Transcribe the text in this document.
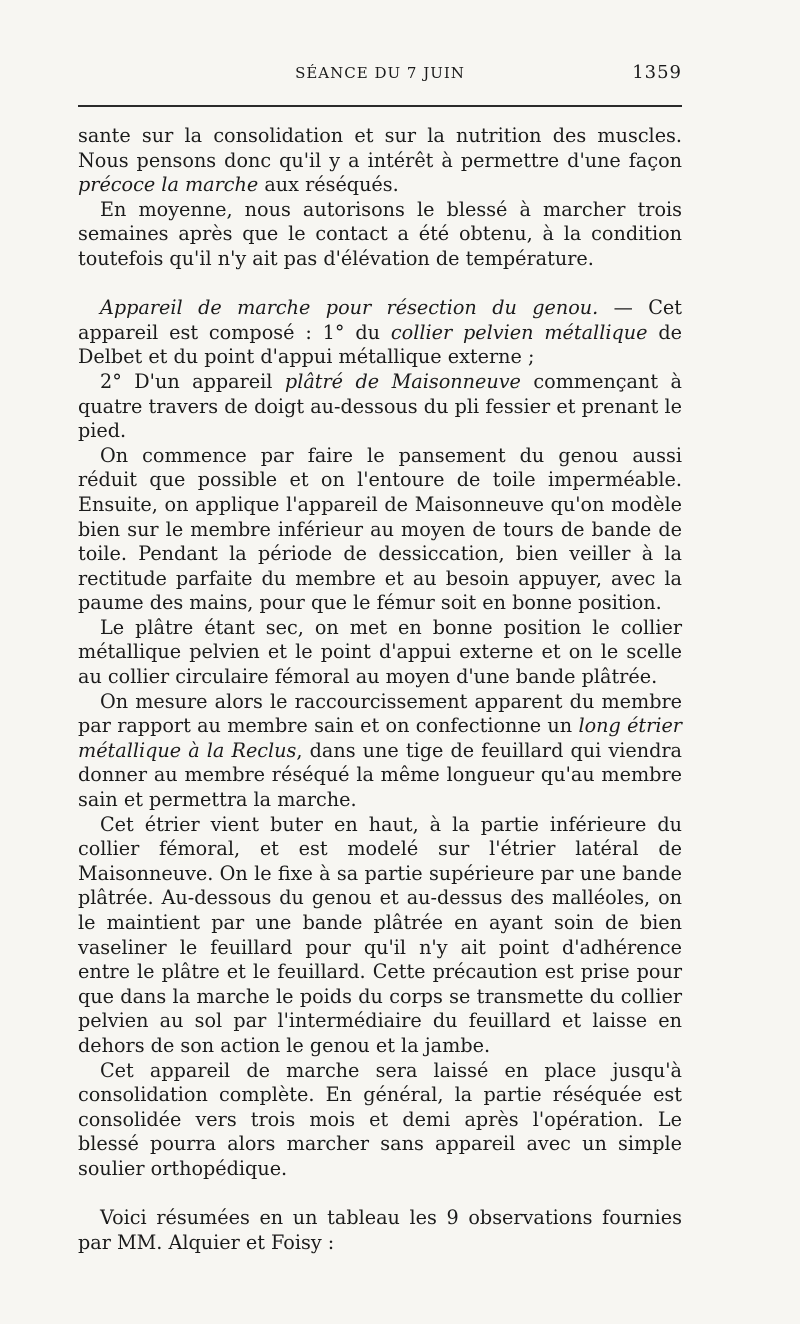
SÉANCE DU 7 JUIN	1359

sante sur la consolidation et sur la nutrition des muscles. Nous pensons donc qu'il y a intérêt à permettre d'une façon précoce la marche aux réséqués.

En moyenne, nous autorisons le blessé à marcher trois semaines après que le contact a été obtenu, à la condition toutefois qu'il n'y ait pas d'élévation de température.

Appareil de marche pour résection du genou. — Cet appareil est composé : 1° du collier pelvien métallique de Delbet et du point d'appui métallique externe ;

2° D'un appareil plâtré de Maisonneuve commençant à quatre travers de doigt au-dessous du pli fessier et prenant le pied.

On commence par faire le pansement du genou aussi réduit que possible et on l'entoure de toile imperméable. Ensuite, on applique l'appareil de Maisonneuve qu'on modèle bien sur le membre inférieur au moyen de tours de bande de toile. Pendant la période de dessiccation, bien veiller à la rectitude parfaite du membre et au besoin appuyer, avec la paume des mains, pour que le fémur soit en bonne position.

Le plâtre étant sec, on met en bonne position le collier métallique pelvien et le point d'appui externe et on le scelle au collier circulaire fémoral au moyen d'une bande plâtrée.

On mesure alors le raccourcissement apparent du membre par rapport au membre sain et on confectionne un long étrier métallique à la Reclus, dans une tige de feuillard qui viendra donner au membre réséqué la même longueur qu'au membre sain et permettra la marche.

Cet étrier vient buter en haut, à la partie inférieure du collier fémoral, et est modelé sur l'étrier latéral de Maisonneuve. On le fixe à sa partie supérieure par une bande plâtrée. Au-dessous du genou et au-dessus des malléoles, on le maintient par une bande plâtrée en ayant soin de bien vaseliner le feuillard pour qu'il n'y ait point d'adhérence entre le plâtre et le feuillard. Cette précaution est prise pour que dans la marche le poids du corps se transmette du collier pelvien au sol par l'intermédiaire du feuillard et laisse en dehors de son action le genou et la jambe.

Cet appareil de marche sera laissé en place jusqu'à consolidation complète. En général, la partie réséquée est consolidée vers trois mois et demi après l'opération. Le blessé pourra alors marcher sans appareil avec un simple soulier orthopédique.

Voici résumées en un tableau les 9 observations fournies par MM. Alquier et Foisy :
